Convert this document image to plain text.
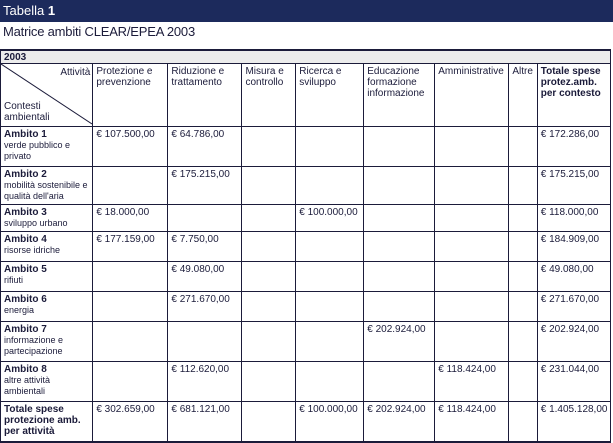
Tabella 1
Matrice ambiti CLEAR/EPEA 2003
2003								

Attività
Contesti ambientali	Protezione e prevenzione	Riduzione e trattamento	Misura e controllo	Ricerca e sviluppo	Educazione formazione informazione	Amministrative	Altre	Totale spese protez.amb. per contesto
Ambito 1
verde pubblico e privato	€ 107.500,00	€ 64.786,00						€ 172.286,00
Ambito 2
mobilità sostenibile e qualità dell'aria		€ 175.215,00						€ 175.215,00
Ambito 3
sviluppo urbano	€ 18.000,00			€ 100.000,00				€ 118.000,00
Ambito 4
risorse idriche	€ 177.159,00	€ 7.750,00						€ 184.909,00
Ambito 5
rifiuti		€ 49.080,00						€ 49.080,00
Ambito 6
energia		€ 271.670,00						€ 271.670,00
Ambito 7
informazione e partecipazione					€ 202.924,00			€ 202.924,00
Ambito 8
altre attività ambientali		€ 112.620,00				€ 118.424,00		€ 231.044,00
Totale spese protezione amb. per attività	€ 302.659,00	€ 681.121,00		€ 100.000,00	€ 202.924,00	€ 118.424,00		€ 1.405.128,00
